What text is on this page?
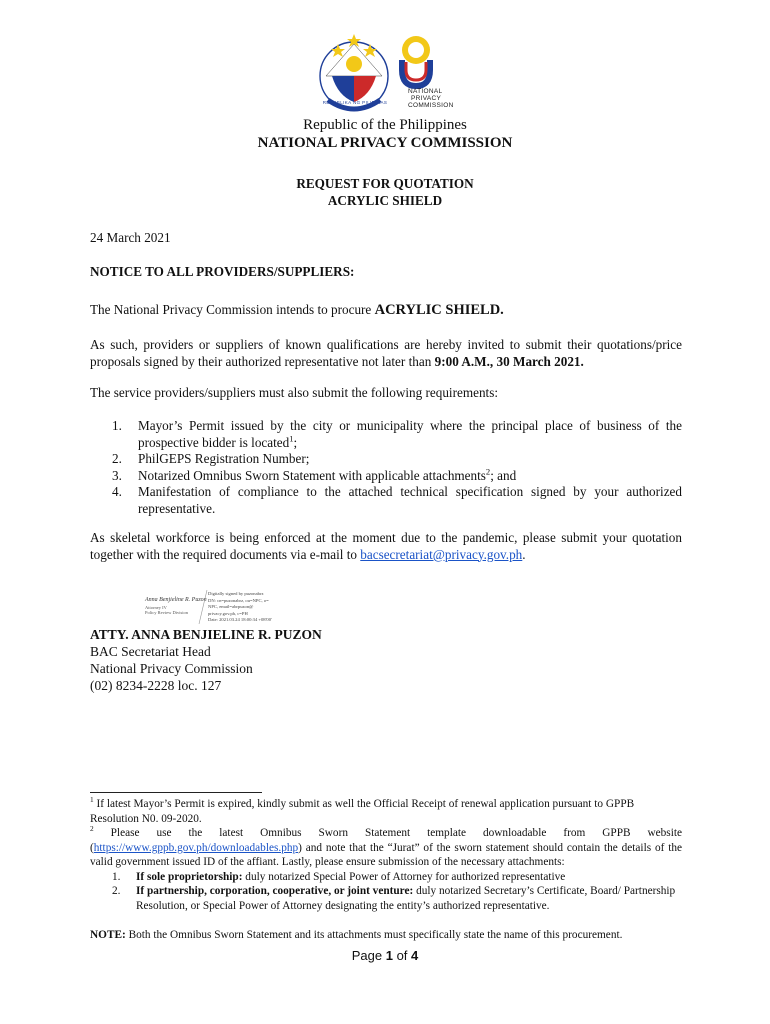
NATIONAL
PRIVACY
COMMISSION
REPUBLIKA NG PILIPINAS
Republic of the Philippines
NATIONAL PRIVACY COMMISSION
REQUEST FOR QUOTATION
ACRYLIC SHIELD
24 March 2021
NOTICE TO ALL PROVIDERS/SUPPLIERS:
The National Privacy Commission intends to procure ACRYLIC SHIELD.
As such, providers or suppliers of known qualifications are hereby invited to submit their quotations/price
proposals signed by their authorized representative not later than 9:00 A.M., 30 March 2021.
The service providers/suppliers must also submit the following requirements:
1. Mayor’s Permit issued by the city or municipality where the principal place of business of the prospective bidder is located$^1$;
2. PhilGEPS Registration Number;
3. Notarized Omnibus Sworn Statement with applicable attachments$^2$; and
4. Manifestation of compliance to the attached technical specification signed by your authorized representative.
As skeletal workforce is being enforced at the moment due to the pandemic, please submit your quotation together with the required documents via e-mail to bacsecretariat@privacy.gov.ph.
Anna Benjieline R. Puzon
Attorney IV
Policy Review Division
Digitally signed by puzonabrz
DN: cn=puzonabrz, ou=NPC, o=
NPC, email=abrpuzon@
privacy.gov.ph, c=PH
Date: 2021.03.24 18:00:34 +08'00'
ATTY. ANNA BENJIELINE R. PUZON
BAC Secretariat Head
National Privacy Commission
(02) 8234-2228 loc. 127
$^1$ If latest Mayor’s Permit is expired, kindly submit as well the Official Receipt of renewal application pursuant to GPPB Resolution N0. 09-2020.
$^2$ Please use the latest Omnibus Sworn Statement template downloadable from GPPB website
(https://www.gppb.gov.ph/downloadables.php) and note that the “Jurat” of the sworn statement should contain the details of the valid government issued ID of the affiant. Lastly, please ensure submission of the necessary attachments:
1. If sole proprietorship: duly notarized Special Power of Attorney for authorized representative
2. If partnership, corporation, cooperative, or joint venture: duly notarized Secretary’s Certificate, Board/ Partnership Resolution, or Special Power of Attorney designating the entity’s authorized representative.
NOTE: Both the Omnibus Sworn Statement and its attachments must specifically state the name of this procurement.
Page 1 of 4
